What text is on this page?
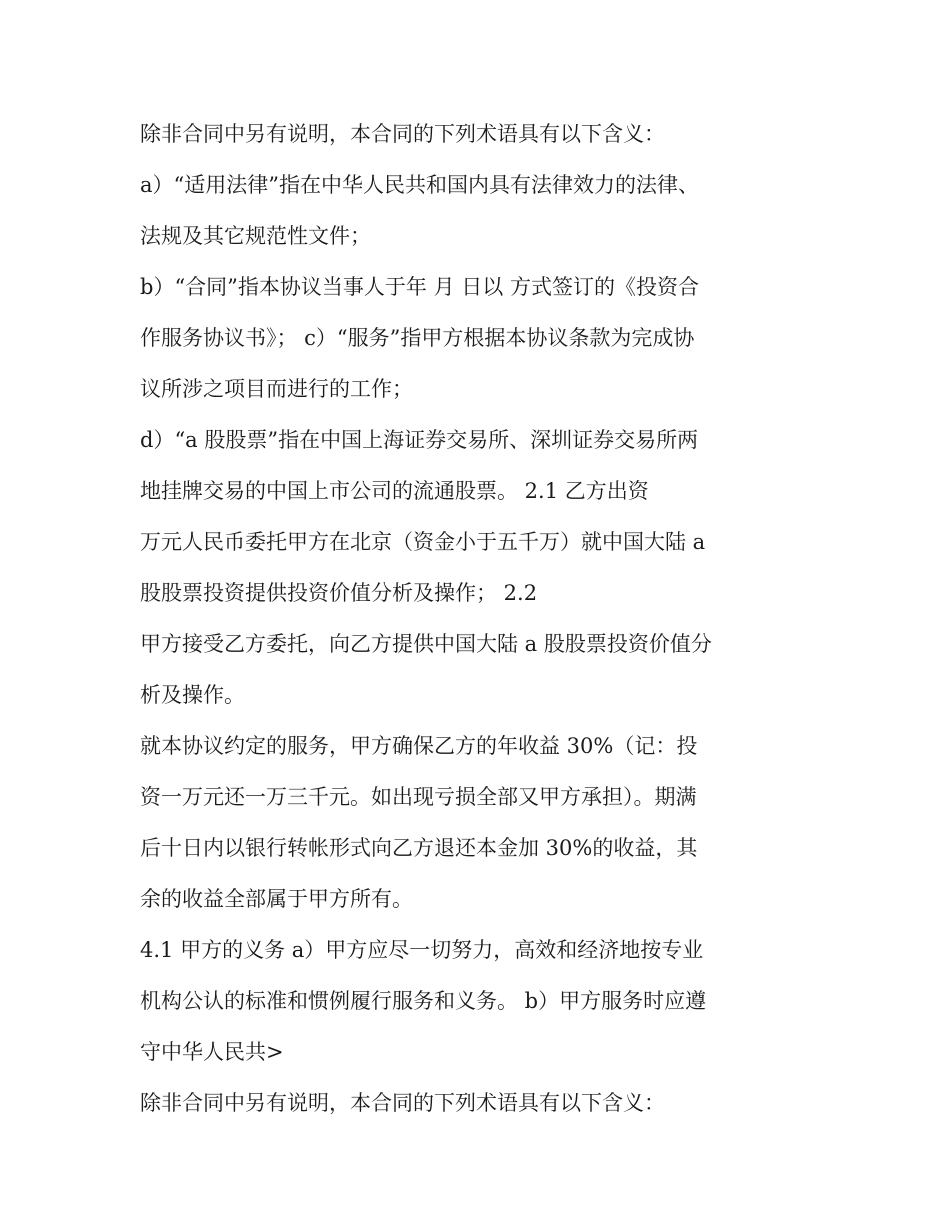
除非合同中另有说明，本合同的下列术语具有以下含义：
a）“适用法律”指在中华人民共和国内具有法律效力的法律、
法规及其它规范性文件；
b）“合同”指本协议当事人于年 月 日以 方式签订的《投资合
作服务协议书》； c）“服务”指甲方根据本协议条款为完成协
议所涉之项目而进行的工作；
d）“a 股股票”指在中国上海证券交易所、深圳证券交易所两
地挂牌交易的中国上市公司的流通股票。 2.1 乙方出资
万元人民币委托甲方在北京（资金小于五千万）就中国大陆 a
股股票投资提供投资价值分析及操作； 2.2
甲方接受乙方委托，向乙方提供中国大陆 a 股股票投资价值分
析及操作。
就本协议约定的服务，甲方确保乙方的年收益 30%（记：投
资一万元还一万三千元。如出现亏损全部又甲方承担）。期满
后十日内以银行转帐形式向乙方退还本金加 30%的收益，其
余的收益全部属于甲方所有。
4.1 甲方的义务 a）甲方应尽一切努力，高效和经济地按专业
机构公认的标准和惯例履行服务和义务。 b）甲方服务时应遵
守中华人民共>
除非合同中另有说明，本合同的下列术语具有以下含义：
